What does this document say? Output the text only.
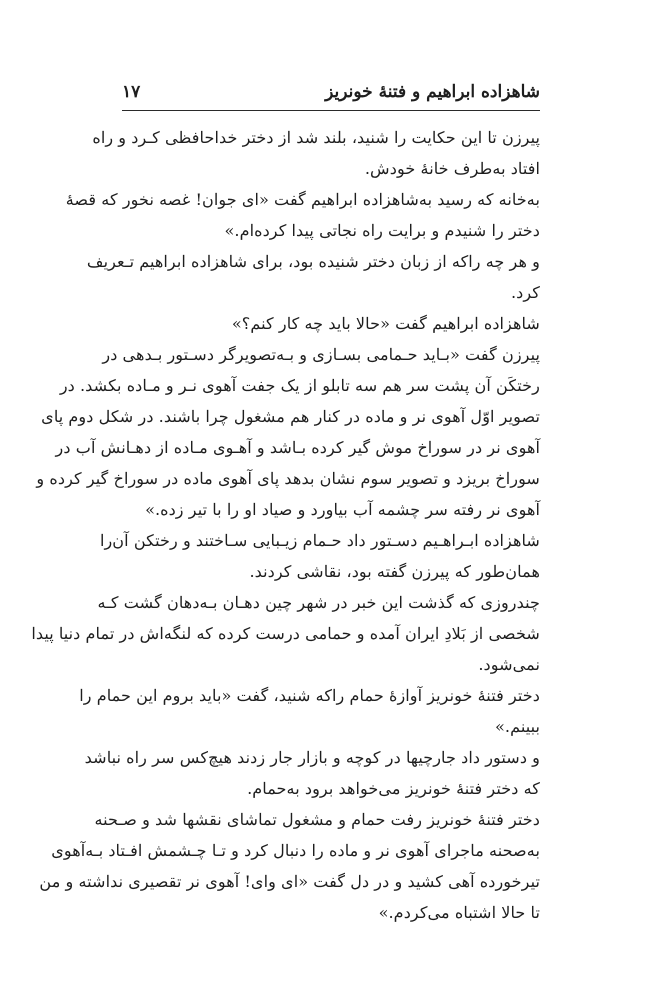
شاهزاده ابراهیم و فتنهٔ خونریز
۱۷
پیرزن تا این حکایت را شنید، بلند شد از دختر خداحافظی کـرد و راه
افتاد به‌طرف خانهٔ خودش.
به‌خانه که رسید به‌شاهزاده ابراهیم گفت «ای جوان! غصه نخور که قصهٔ
دختر را شنیدم و برایت راه نجاتی پیدا کرده‌ام.»
و هر چه راکه از زبان دختر شنیده بود، برای شاهزاده ابراهیم تـعریف
کرد.
شاهزاده ابراهیم گفت «حالا باید چه کار کنم؟»
پیرزن گفت «بـاید حـمامی بسـازی و بـه‌تصویرگر دسـتور بـدهی در
رختکَن آن پشت سر هم سه تابلو از یک جفت آهوی نـر و مـاده بکشد. در
تصویر اوّل آهوی نر و ماده در کنار هم مشغول چرا باشند. در شکل دوم پای
آهوی نر در سوراخ موش گیر کرده بـاشد و آهـوی مـاده از دهـانش آب در
سوراخ بریزد و تصویر سوم نشان بدهد پای آهوی ماده در سوراخ گیر کرده و
آهوی نر رفته سر چشمه آب بیاورد و صیاد او را با تیر زده.»
شاهزاده ابـراهـیم دسـتور داد حـمام زیـبایی سـاختند و رختکن آن‌را
همان‌طور که پیرزن گفته بود، نقاشی کردند.
چندروزی که گذشت این خبر در شهر چین دهـان بـه‌دهان گشت کـه
شخصی از بَلادِ ایران آمده و حمامی درست کرده که لنگه‌اش در تمام دنیا پیدا
نمی‌شود.
دختر فتنهٔ خونریز آوازهٔ حمام راکه شنید، گفت «باید بروم این حمام را
ببینم.»
و دستور داد جارچیها در کوچه و بازار جار زدند هیچ‌کس سر راه نباشد
که دختر فتنهٔ خونریز می‌خواهد برود به‌حمام.
دختر فتنهٔ خونریز رفت حمام و مشغول تماشای نقشها شد و صـحنه
به‌صحنه ماجرای آهوی نر و ماده را دنبال کرد و تـا چـشمش افـتاد بـه‌آهوی
تیرخورده آهی کشید و در دل گفت «ای وای! آهوی نر تقصیری نداشته و من
تا حالا اشتباه می‌کردم.»
